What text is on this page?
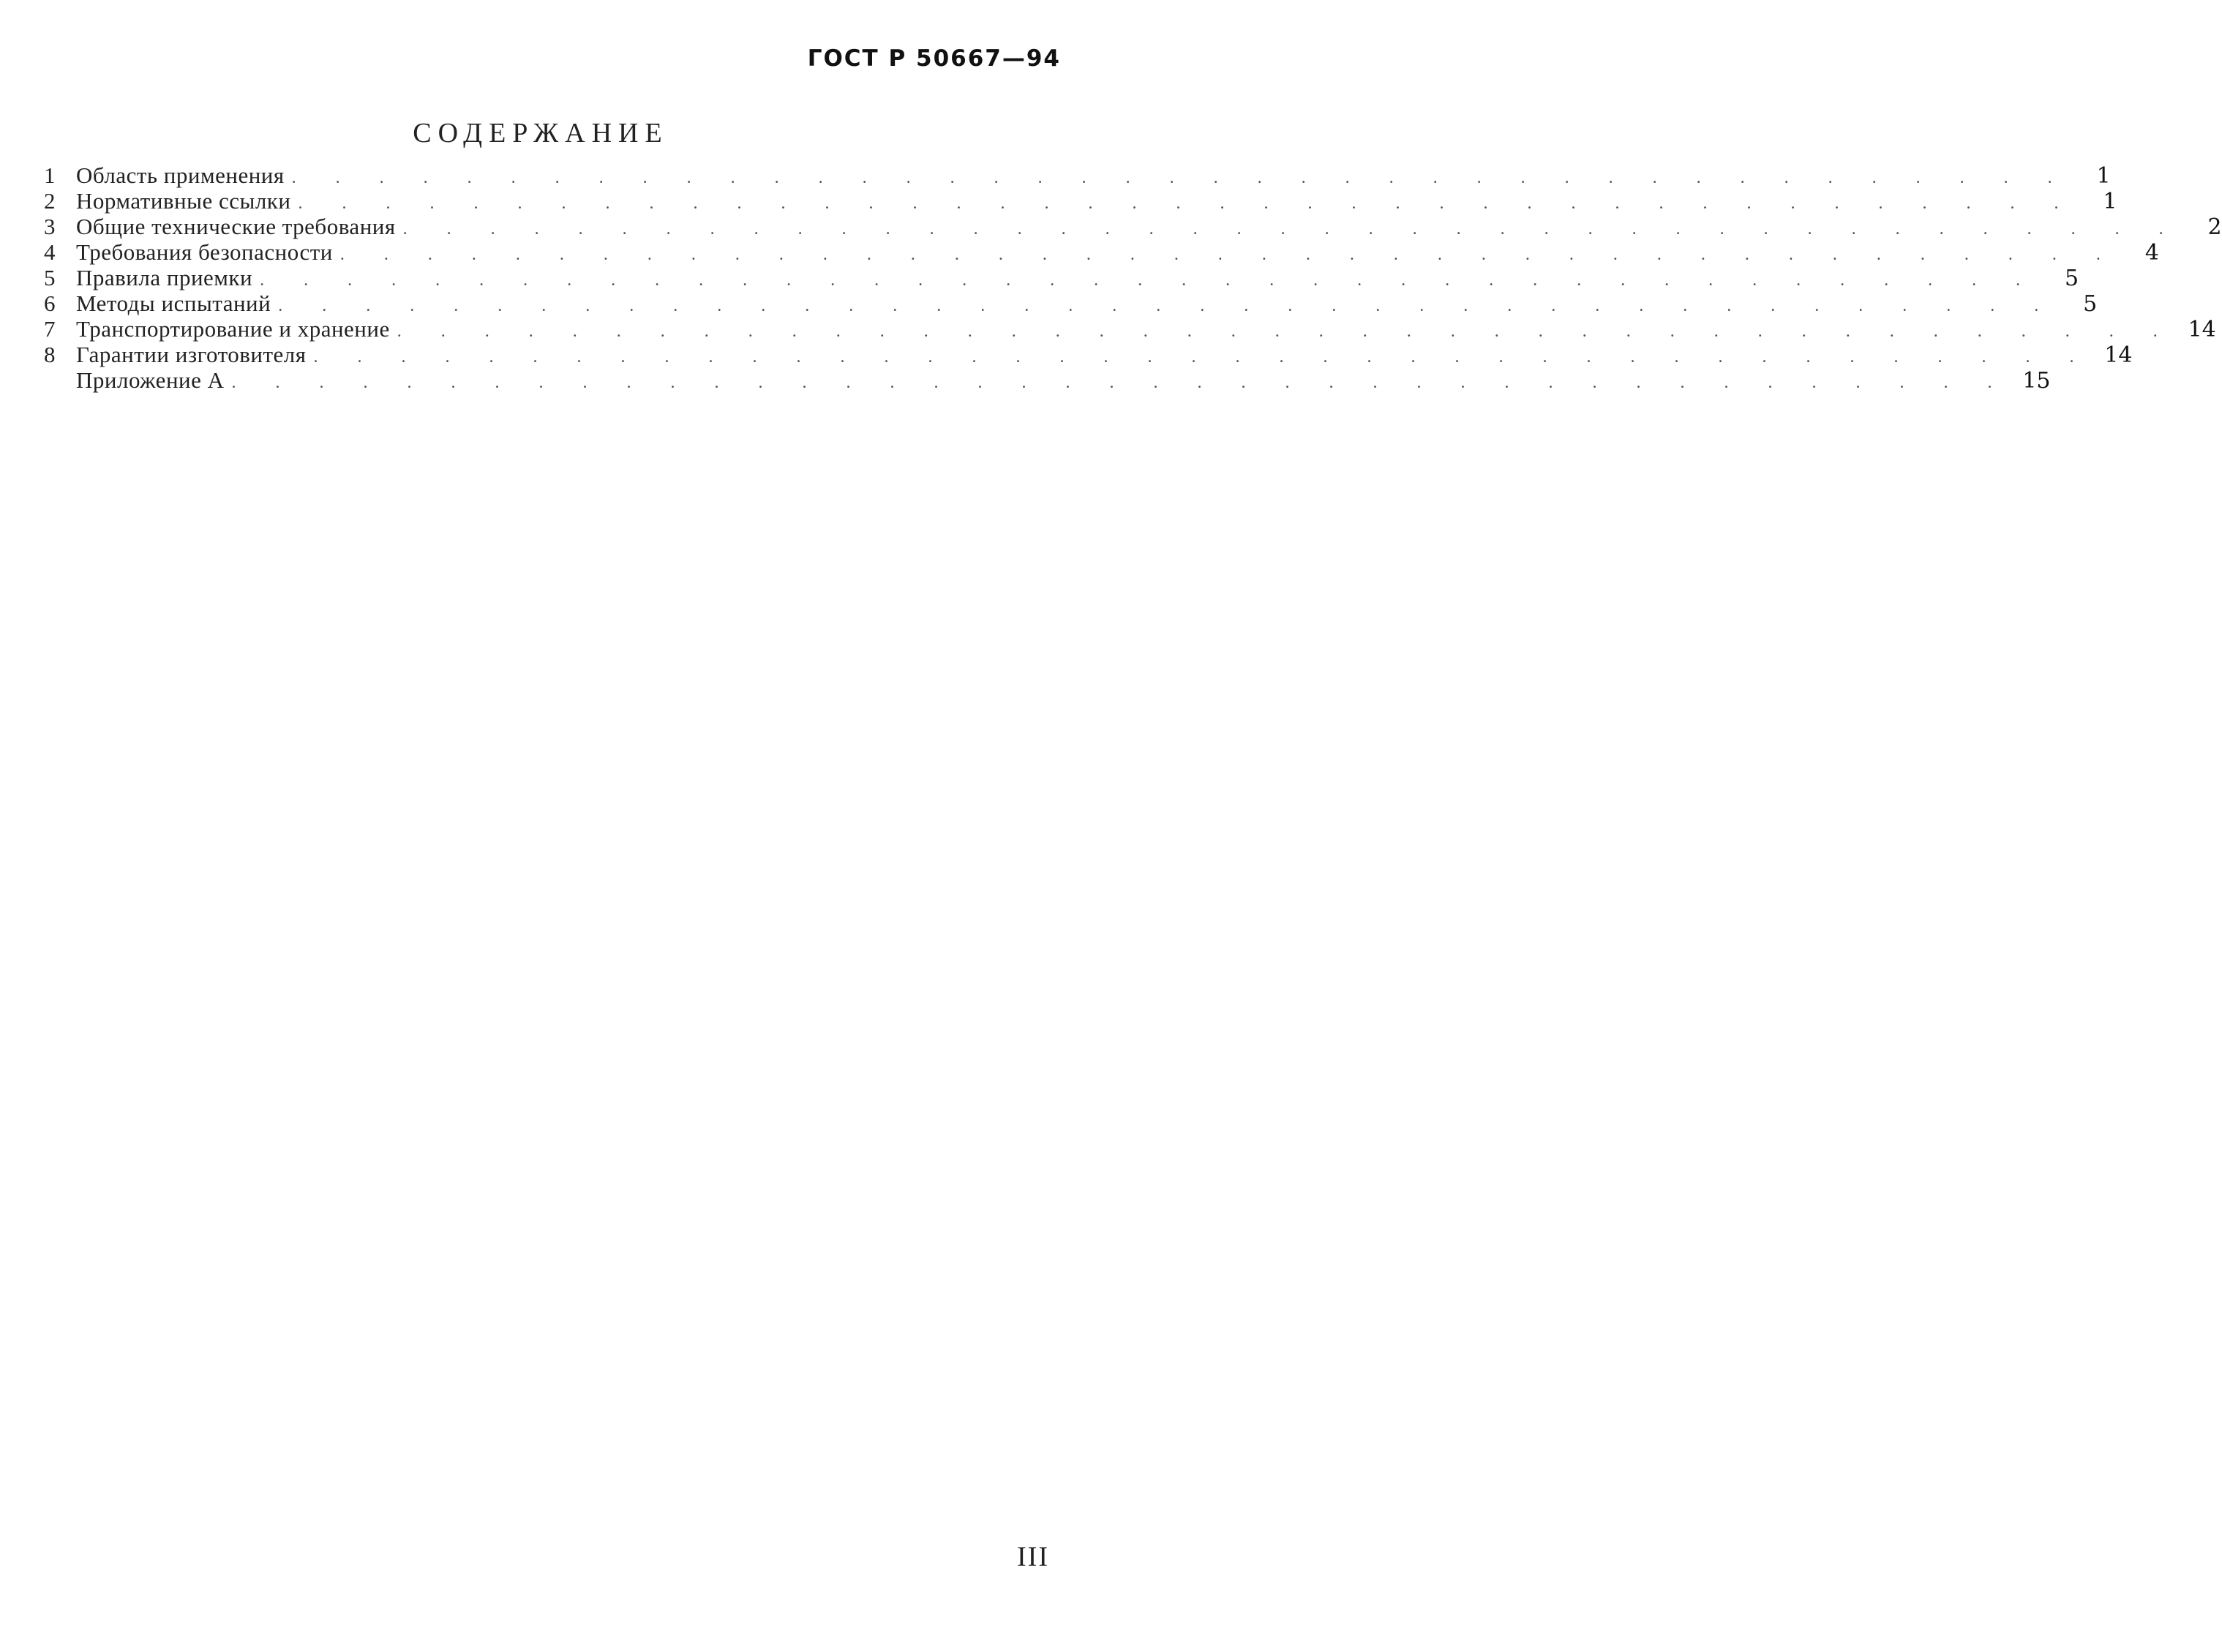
ГОСТ Р 50667—94
СОДЕРЖАНИЕ
1 Область применения . . . . . . . . . . . . . . . . . . . . . . . . . . . . . . . . . . . . . . . . .	1
2 Нормативные ссылки . . . . . . . . . . . . . . . . . . . . . . . . . . . . . . . . . . . . . . . . .	1
3 Общие технические требования . . . . . . . . . . . . . . . . . . . . . . . . . . . . . . . . . . . . . . . . .	2
4 Требования безопасности . . . . . . . . . . . . . . . . . . . . . . . . . . . . . . . . . . . . . . . . .	4
5 Правила приемки . . . . . . . . . . . . . . . . . . . . . . . . . . . . . . . . . . . . . . . . .	5
6 Методы испытаний . . . . . . . . . . . . . . . . . . . . . . . . . . . . . . . . . . . . . . . . .	5
7 Транспортирование и хранение . . . . . . . . . . . . . . . . . . . . . . . . . . . . . . . . . . . . . . . . . 14
8 Гарантии изготовителя . . . . . . . . . . . . . . . . . . . . . . . . . . . . . . . . . . . . . . . . . 14
Приложение А . . . . . . . . . . . . . . . . . . . . . . . . . . . . . . . . . . . . . . . . . 15
III
